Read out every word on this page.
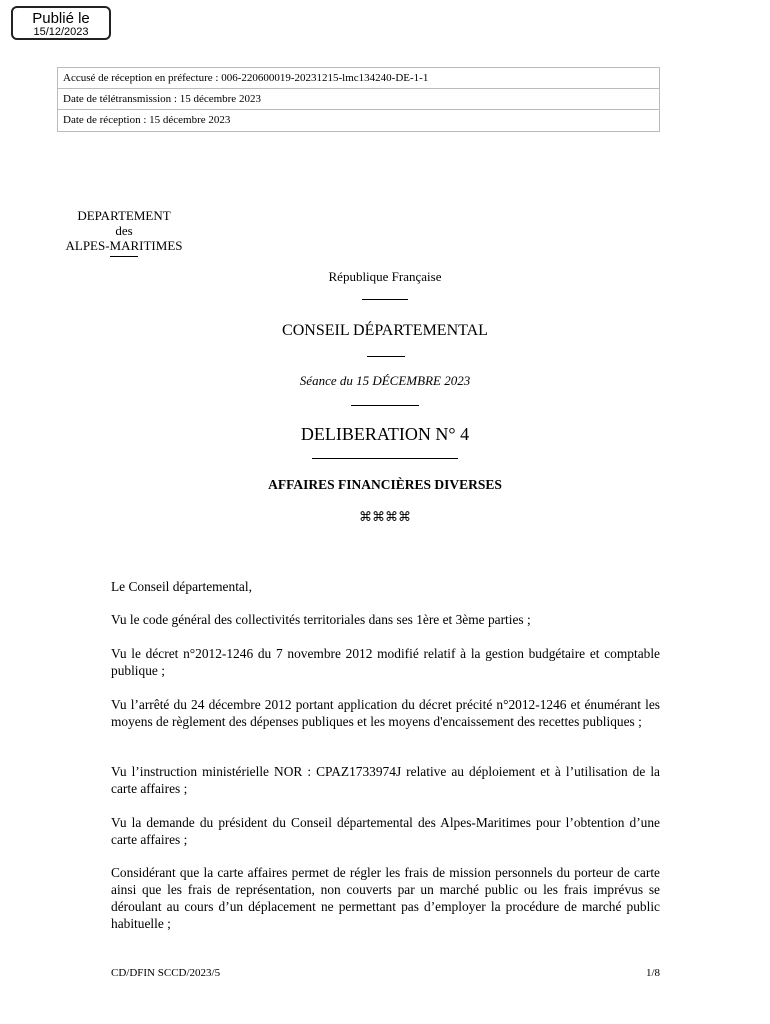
Publié le
15/12/2023
Accusé de réception en préfecture : 006-220600019-20231215-lmc134240-DE-1-1
Date de télétransmission : 15 décembre 2023
Date de réception : 15 décembre 2023
DEPARTEMENT
des
ALPES-MARITIMES
République Française
CONSEIL DÉPARTEMENTAL
Séance du 15 DÉCEMBRE 2023
DELIBERATION N° 4
AFFAIRES FINANCIÈRES DIVERSES
⌘⌘⌘⌘

Le Conseil départemental,

Vu le code général des collectivités territoriales dans ses 1ère et 3ème parties ;

Vu le décret n°2012-1246 du 7 novembre 2012 modifié relatif à la gestion budgétaire et comptable publique ;

Vu l’arrêté du 24 décembre 2012 portant application du décret précité n°2012-1246 et énumérant les moyens de règlement des dépenses publiques et les moyens d'encaissement des recettes publiques ;

Vu l’instruction ministérielle NOR : CPAZ1733974J relative au déploiement et à l’utilisation de la carte affaires ;

Vu la demande du président du Conseil départemental des Alpes-Maritimes pour l’obtention d’une carte affaires ;

Considérant que la carte affaires permet de régler les frais de mission personnels du porteur de carte ainsi que les frais de représentation, non couverts par un marché public ou les frais imprévus se déroulant au cours d’un déplacement ne permettant pas d’employer la procédure de marché public habituelle ;

CD/DFIN SCCD/2023/5	1/8
